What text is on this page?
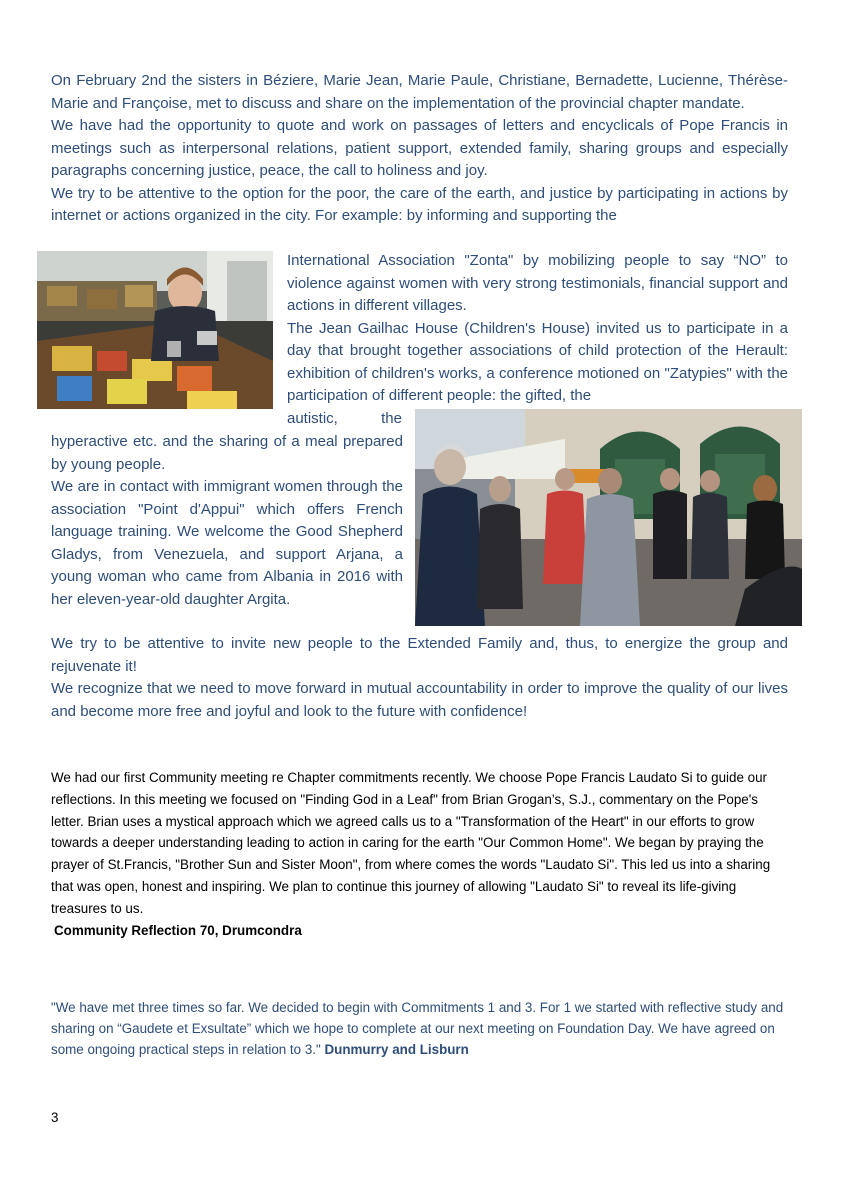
On February 2nd the sisters in Béziere, Marie Jean, Marie Paule, Christiane, Bernadette, Lucienne, Thérèse-Marie and Françoise, met to discuss and share on the implementation of the provincial chapter mandate.

We have had the opportunity to quote and work on passages of letters and encyclicals of Pope Francis in meetings such as interpersonal relations, patient support, extended family, sharing groups and especially paragraphs concerning justice, peace, the call to holiness and joy.

We try to be attentive to the option for the poor, the care of the earth, and justice by participating in actions by internet or actions organized in the city. For example: by informing and supporting the

International Association "Zonta" by mobilizing people to say “NO” to violence against women with very strong testimonials, financial support and actions in different villages.

The Jean Gailhac House (Children's House) invited us to participate in a day that brought together associations of child protection of the Herault: exhibition of children's works, a conference motioned on "Zatypies" with the participation of different people: the gifted, the

autistic,	the

hyperactive etc. and the sharing of a meal prepared by young people.

We are in contact with immigrant women through the association "Point d'Appui" which offers French language training. We welcome the Good Shepherd Gladys, from Venezuela, and support Arjana, a young woman who came from Albania in 2016 with her eleven-year-old daughter Argita.

We try to be attentive to invite new people to the Extended Family and, thus, to energize the group and rejuvenate it!

We recognize that we need to move forward in mutual accountability in order to improve the quality of our lives and become more free and joyful and look to the future with confidence!

We had our first Community meeting re Chapter commitments recently. We choose Pope Francis Laudato Si to guide our reflections. In this meeting we focused on "Finding God in a Leaf" from Brian Grogan’s, S.J., commentary on the Pope's letter. Brian uses a mystical approach which we agreed calls us to a "Transformation of the Heart" in our efforts to grow towards a deeper understanding leading to action in caring for the earth "Our Common Home". We began by praying the prayer of St.Francis, "Brother Sun and Sister Moon", from where comes the words "Laudato Si". This led us into a sharing that was open, honest and inspiring. We plan to continue this journey of allowing "Laudato Si" to reveal its life-giving treasures to us.

Community Reflection 70, Drumcondra

"We have met three times so far. We decided to begin with Commitments 1 and 3. For 1 we started with reflective study and sharing on “Gaudete et Exsultate” which we hope to complete at our next meeting on Foundation Day. We have agreed on some ongoing practical steps in relation to 3." Dunmurry and Lisburn
3
